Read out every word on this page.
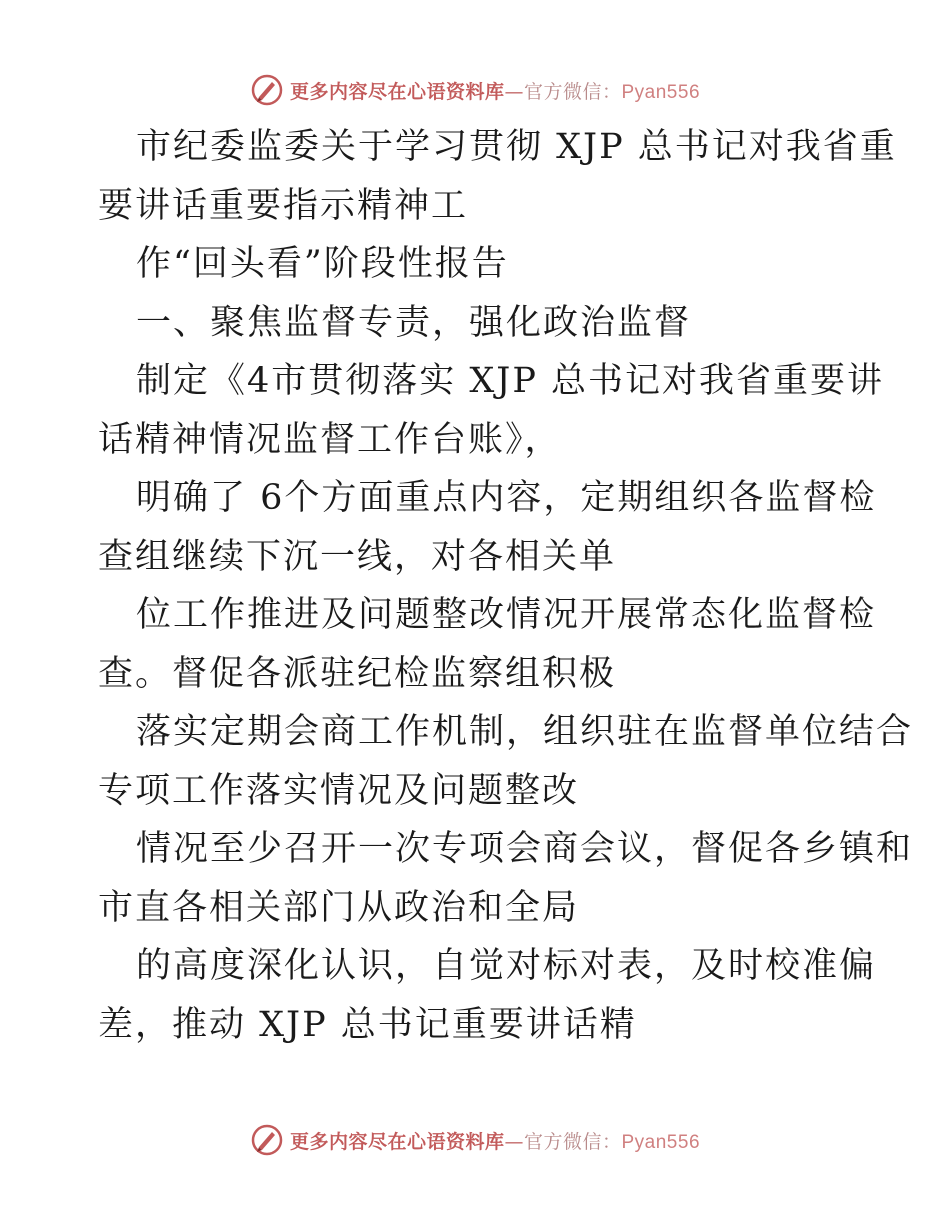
更多内容尽在心语资料库—官方微信：Pyan556
市纪委监委关于学习贯彻 XJP 总书记对我省重
要讲话重要指示精神工
作“回头看”阶段性报告
一、聚焦监督专责，强化政治监督
制定《4市贯彻落实 XJP 总书记对我省重要讲
话精神情况监督工作台账》，
明确了 6个方面重点内容，定期组织各监督检
查组继续下沉一线，对各相关单
位工作推进及问题整改情况开展常态化监督检
查。督促各派驻纪检监察组积极
落实定期会商工作机制，组织驻在监督单位结合
专项工作落实情况及问题整改
情况至少召开一次专项会商会议，督促各乡镇和
市直各相关部门从政治和全局
的高度深化认识，自觉对标对表，及时校准偏
差，推动 XJP 总书记重要讲话精
更多内容尽在心语资料库—官方微信：Pyan556
